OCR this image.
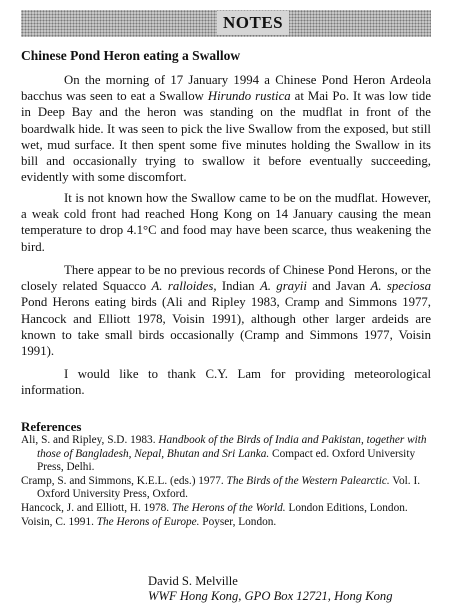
NOTES
Chinese Pond Heron eating a Swallow

On the morning of 17 January 1994 a Chinese Pond Heron Ardeola bacchus was seen to eat a Swallow Hirundo rustica at Mai Po. It was low tide in Deep Bay and the heron was standing on the mudflat in front of the boardwalk hide. It was seen to pick the live Swallow from the exposed, but still wet, mud surface. It then spent some five minutes holding the Swallow in its bill and occasionally trying to swallow it before eventually succeeding, evidently with some discomfort.

It is not known how the Swallow came to be on the mudflat. However, a weak cold front had reached Hong Kong on 14 January causing the mean temperature to drop 4.1°C and food may have been scarce, thus weakening the bird.

There appear to be no previous records of Chinese Pond Herons, or the closely related Squacco A. ralloides, Indian A. grayii and Javan A. speciosa Pond Herons eating birds (Ali and Ripley 1983, Cramp and Simmons 1977, Hancock and Elliott 1978, Voisin 1991), although other larger ardeids are known to take small birds occasionally (Cramp and Simmons 1977, Voisin 1991).

I would like to thank C.Y. Lam for providing meteorological information.

References

Ali, S. and Ripley, S.D. 1983. Handbook of the Birds of India and Pakistan, together with those of Bangladesh, Nepal, Bhutan and Sri Lanka. Compact ed. Oxford University Press, Delhi.

Cramp, S. and Simmons, K.E.L. (eds.) 1977. The Birds of the Western Palearctic. Vol. I. Oxford University Press, Oxford.

Hancock, J. and Elliott, H. 1978. The Herons of the World. London Editions, London.

Voisin, C. 1991. The Herons of Europe. Poyser, London.

David S. Melville
WWF Hong Kong, GPO Box 12721, Hong Kong
